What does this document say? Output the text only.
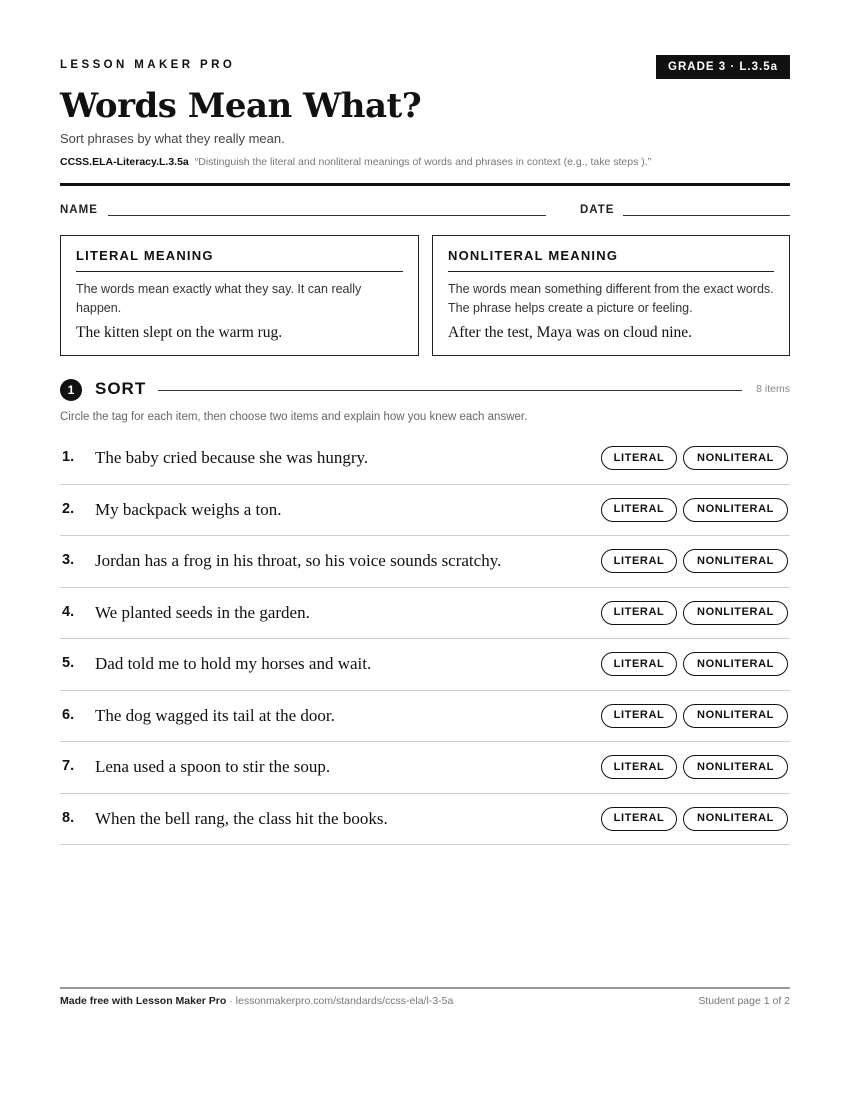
LESSON MAKER PRO	GRADE 3 · L.3.5a
Words Mean What?
Sort phrases by what they really mean.
CCSS.ELA-Literacy.L.3.5a “Distinguish the literal and nonliteral meanings of words and phrases in context (e.g., take steps ).”
NAME	DATE
LITERAL MEANING
The words mean exactly what they say. It can really happen.
The kitten slept on the warm rug.
NONLITERAL MEANING
The words mean something different from the exact words. The phrase helps create a picture or feeling.
After the test, Maya was on cloud nine.
1	SORT	8 items
Circle the tag for each item, then choose two items and explain how you knew each answer.
1. The baby cried because she was hungry.	LITERAL	NONLITERAL
2. My backpack weighs a ton.	LITERAL	NONLITERAL
3. Jordan has a frog in his throat, so his voice sounds scratchy.	LITERAL	NONLITERAL
4. We planted seeds in the garden.	LITERAL	NONLITERAL
5. Dad told me to hold my horses and wait.	LITERAL	NONLITERAL
6. The dog wagged its tail at the door.	LITERAL	NONLITERAL
7. Lena used a spoon to stir the soup.	LITERAL	NONLITERAL
8. When the bell rang, the class hit the books.	LITERAL	NONLITERAL
Made free with Lesson Maker Pro · lessonmakerpro.com/standards/ccss-ela/l-3-5a	Student page 1 of 2
